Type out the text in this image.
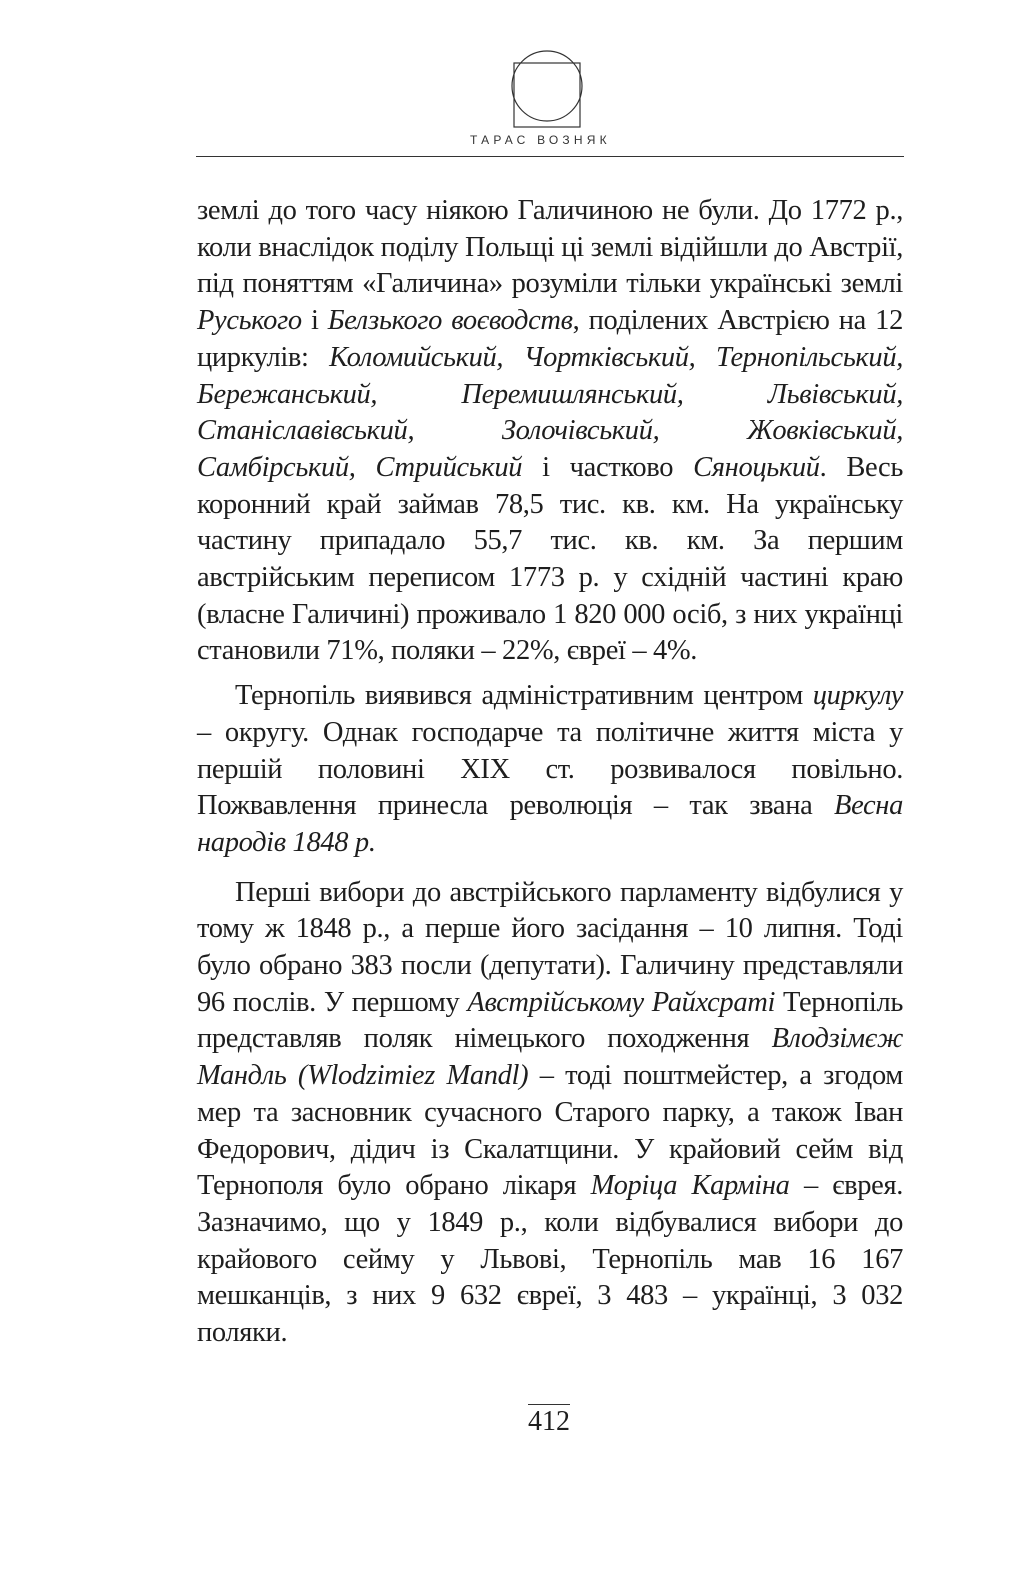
ТАРАС ВОЗНЯК

землі до того часу ніякою Галичиною не були. До 1772 р., коли внаслідок поділу Польщі ці землі відійшли до Австрії, під поняттям «Галичина» розуміли тільки українські землі Руського і Белзького воєводств, поділених Австрією на 12 циркулів: Коломийський, Чортківський, Тернопільський, Бережанський, Перемишлянський, Львівський, Станіславівський, Золочівський, Жовківський, Самбірський, Стрийський і частково Сяноцький. Весь коронний край займав 78,5 тис. кв. км. На українську частину припадало 55,7 тис. кв. км. За першим австрійським переписом 1773 р. у східній частині краю (власне Галичині) проживало 1 820 000 осіб, з них українці становили 71%, поляки – 22%, євреї – 4%.

Тернопіль виявився адміністративним центром циркулу – округу. Однак господарче та політичне життя міста у першій половині XIX ст. розвивалося повільно. Пожвавлення принесла революція – так звана Весна народів 1848 р.

Перші вибори до австрійського парламенту відбулися у тому ж 1848 р., а перше його засідання – 10 липня. Тоді було обрано 383 посли (депутати). Галичину представляли 96 послів. У першому Австрійському Райхсраті Тернопіль представляв поляк німецького походження Влодзімєж Мандль (Wlodzimiez Mandl) – тоді поштмейстер, а згодом мер та засновник сучасного Старого парку, а також Іван Федорович, дідич із Скалатщини. У крайовий сейм від Тернополя було обрано лікаря Моріца Карміна – єврея. Зазначимо, що у 1849 р., коли відбувалися вибори до крайового сейму у Львові, Тернопіль мав 16 167 мешканців, з них 9 632 євреї, 3 483 – українці, 3 032 поляки.

412
